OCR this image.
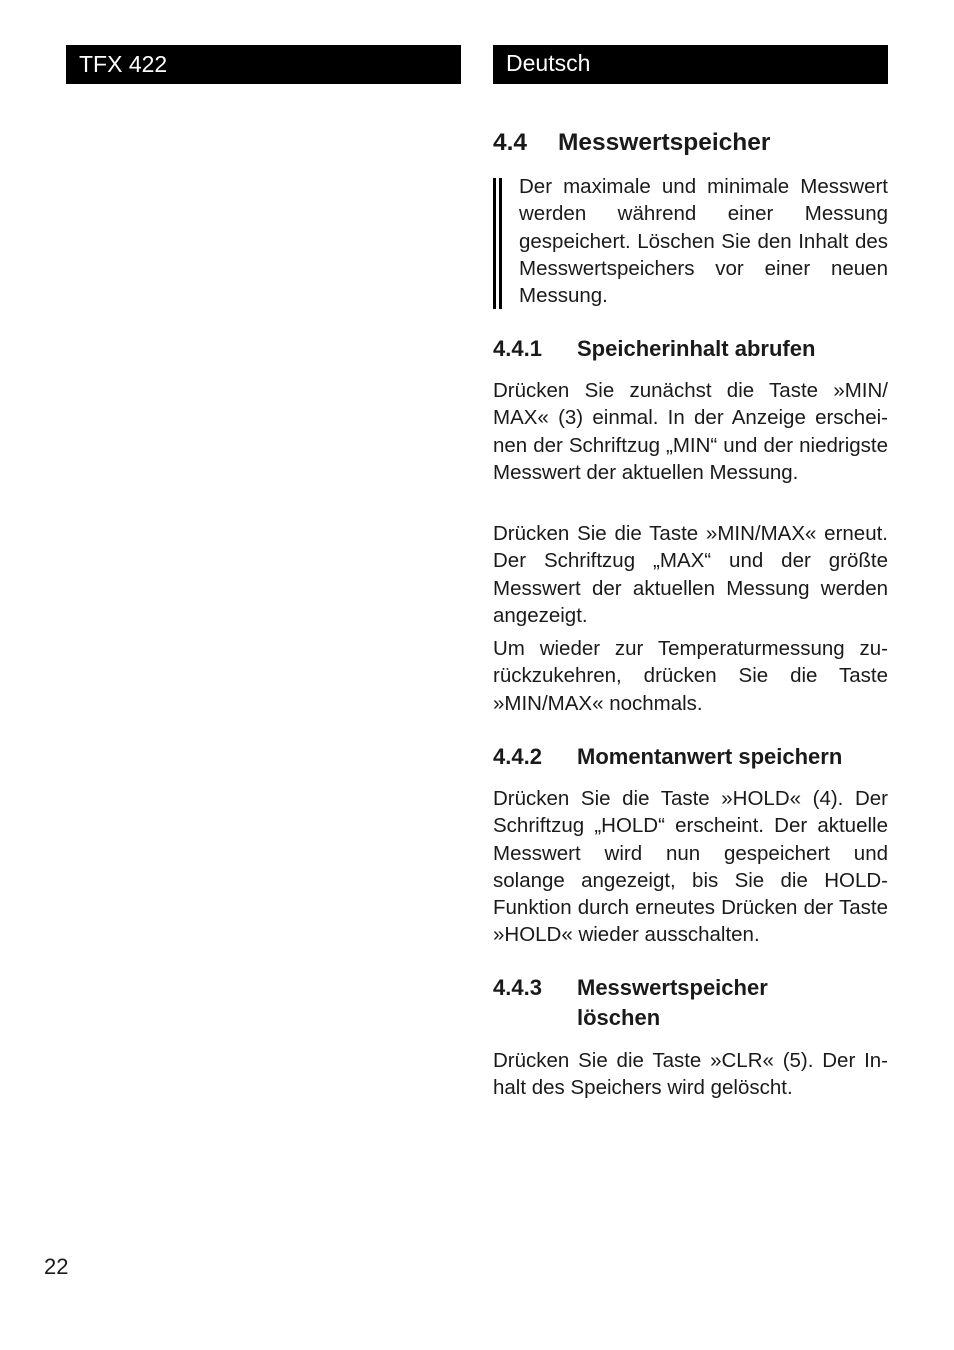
TFX 422	Deutsch
4.4 Messwertspeicher

Der maximale und minimale Messwert werden während einer Messung gespeichert. Löschen Sie den Inhalt des Messwertspeichers vor einer neuen Messung.

4.4.1 Speicherinhalt abrufen

Drücken Sie zunächst die Taste »MIN/ MAX« (3) einmal. In der Anzeige erscheinen der Schriftzug „MIN“ und der niedrigste Messwert der aktuellen Messung.

Drücken Sie die Taste »MIN/MAX« erneut. Der Schriftzug „MAX“ und der größte Messwert der aktuellen Messung werden angezeigt.

Um wieder zur Temperaturmessung zurückzukehren, drücken Sie die Taste »MIN/MAX« nochmals.

4.4.2 Momentanwert speichern

Drücken Sie die Taste »HOLD« (4). Der Schriftzug „HOLD“ erscheint. Der aktuelle Messwert wird nun gespeichert und solange angezeigt, bis Sie die HOLD-Funktion durch erneutes Drücken der Taste »HOLD« wieder ausschalten.

4.4.3 Messwertspeicher löschen

Drücken Sie die Taste »CLR« (5). Der Inhalt des Speichers wird gelöscht.

22
